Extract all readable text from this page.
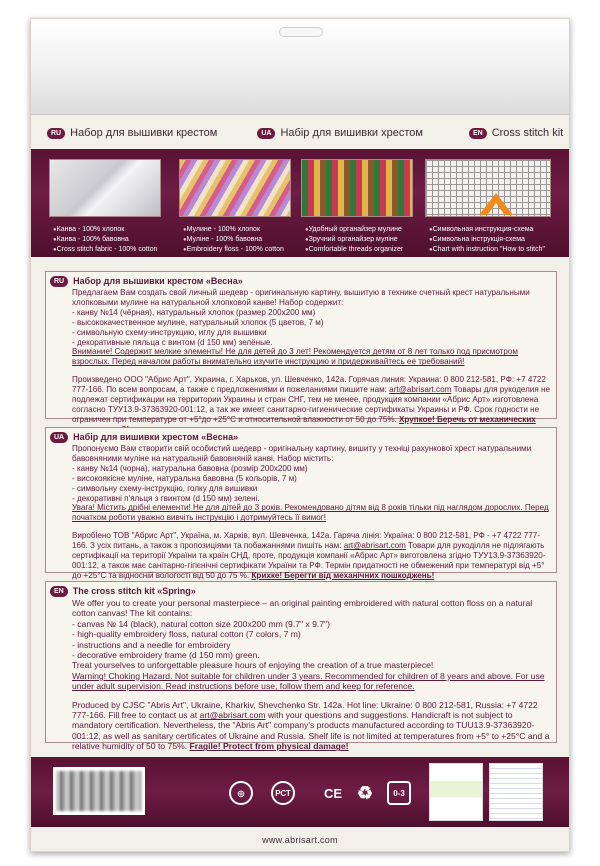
RU Набор для вышивки крестом	UA Набір для вишивки хрестом	EN Cross stitch kit
● Канва - 100% хлопок
● Канва - 100% бавовна
● Cross stitch fabric - 100% cotton
● Мулине - 100% хлопок
● Мулiне - 100% бавовна
● Embroidery floss - 100% cotton
● Удобный органайзер мулине
● Зручний органайзер мулiне
● Comfortable threads organizer
● Символьная инструкция-схема
● Символьна iнструкцiя-схема
● Chart with instruction "How to stitch"
RU	Набор для вышивки крестом «Весна»

Предлагаем Вам создать свой личный шедевр - оригинальную картину, вышитую в технике счетный крест натуральными хлопковыми мулине на натуральной хлопковой канве! Набор содержит:

- канву №14 (чёрная), натуральный хлопок (размер 200х200 мм)
- высококачественное мулине, натуральный хлопок (5 цветов, 7 м)
- символьную схему-инструкцию, иглу для вышивки
- декоративные пяльца с винтом (d 150 мм) зелёные.

Внимание! Содержит мелкие элементы! Не для детей до 3 лет! Рекомендуется детям от 8 лет только под присмотром взрослых. Перед началом работы внимательно изучите инструкцию и придерживайтесь ее требований!

Произведено ООО "Абрис Арт", Украина, г. Харьков, ул. Шевченко, 142а. Горячая линия: Украина: 0 800 212-581, РФ: +7 4722 777-166. По всем вопросам, а также с предложениями и пожеланиями пишите нам: art@abrisart.com Товары для рукоделия не подлежат сертификации на территории Украины и стран СНГ, тем не менее, продукция компании «Абрис Арт» изготовлена согласно ТУУ13.9-37363920-001:12, а так же имеет санитарно-гигиенические сертификаты Украины и РФ. Срок годности не ограничен при температуре от +5°до +25°С и относительной влажности от 50 до 75%. Хрупкое! Беречь от механических

UA	Набір для вишивки хрестом «Весна»

Пропонуємо Вам створити свій особистий шедевр - оригінальну картину, вишиту у техніці рахункової хрест натуральними бавовняними мулiне на натуральній бавовняній канві. Набор містить:

- канву №14 (чорна), натуральна бавовна (розмір 200х200 мм)
- високоякiсне мулiне, натуральна бавовна (5 кольорів, 7 м)
- символьну схему-інструкцію, голку для вишивки
- декоративні п'яльця з гвинтом (d 150 мм) зелені.

Увага! Містить дрібні елементи! Не для дітей до 3 років. Рекомендовано дітям від 8 років тільки під наглядом дорослих. Перед початком роботи уважно вивчіть інструкцію і дотримуйтесь її вимог!

Виробleно ТОВ "Абрис Арт", Україна, м. Харків, вул. Шевченка, 142а. Гаряча лінія: Україна: 0 800 212-581, РФ - +7 4722 777-166. З усіх питань, а також з пропозиціями та побажаннями пишіть нам: art@abrisart.com Товари для рукоділля не підлягають сертифікації на території України та країн СНД, проте, продукція компанії «Абрис Арт» виготовлена згідно ТУУ13.9-37363920-001:12, а також має санітарно-гігієнічні сертифікати України та РФ. Термін придатності не обмежений при температурі від +5° до +25°С та відносній вологості від 50 до 75 %. Крихке! Берегти від механічних пошкоджень!

EN	The cross stitch kit «Spring»

We offer you to create your personal masterpiece – an original painting embroidered with natural cotton floss on a natural cotton canvas! The kit contains:

- canvas № 14 (black), natural cotton size 200x200 mm (9.7" x 9.7")
- high-quality embroidery floss, natural cotton (7 colors, 7 m)
- instructions and a needle for embroidery
- decorative embroidery frame (d 150 mm) green.

Treat yourselves to unforgettable pleasure hours of enjoying the creation of a true masterpiece!

Warning! Choking Hazard. Not suitable for children under 3 years. Recommended for children of 8 years and above. For use under adult supervision. Read instructions before use, follow them and keep for reference.

Produced by CJSC "Abris Art", Ukraine, Kharkiv, Shevchenko Str. 142a. Hot line: Ukraine: 0 800 212-581, Russia: +7 4722 777-166. Fill free to contact us at art@abrisart.com with your questions and suggestions. Handicraft is not subject to mandatory certification. Nevertheless, the "Abris Art" company's products manufactured according to TUU13.9-37363920-001:12, as well as sanitary certificates of Ukraine and Russia. Shelf life is not limited at temperatures from +5° to +25°C and a relative humidity of 50 to 75%. Fragile! Protect from physical damage!

◎	РСТ	♻
CE	0-3
www.abrisart.com
